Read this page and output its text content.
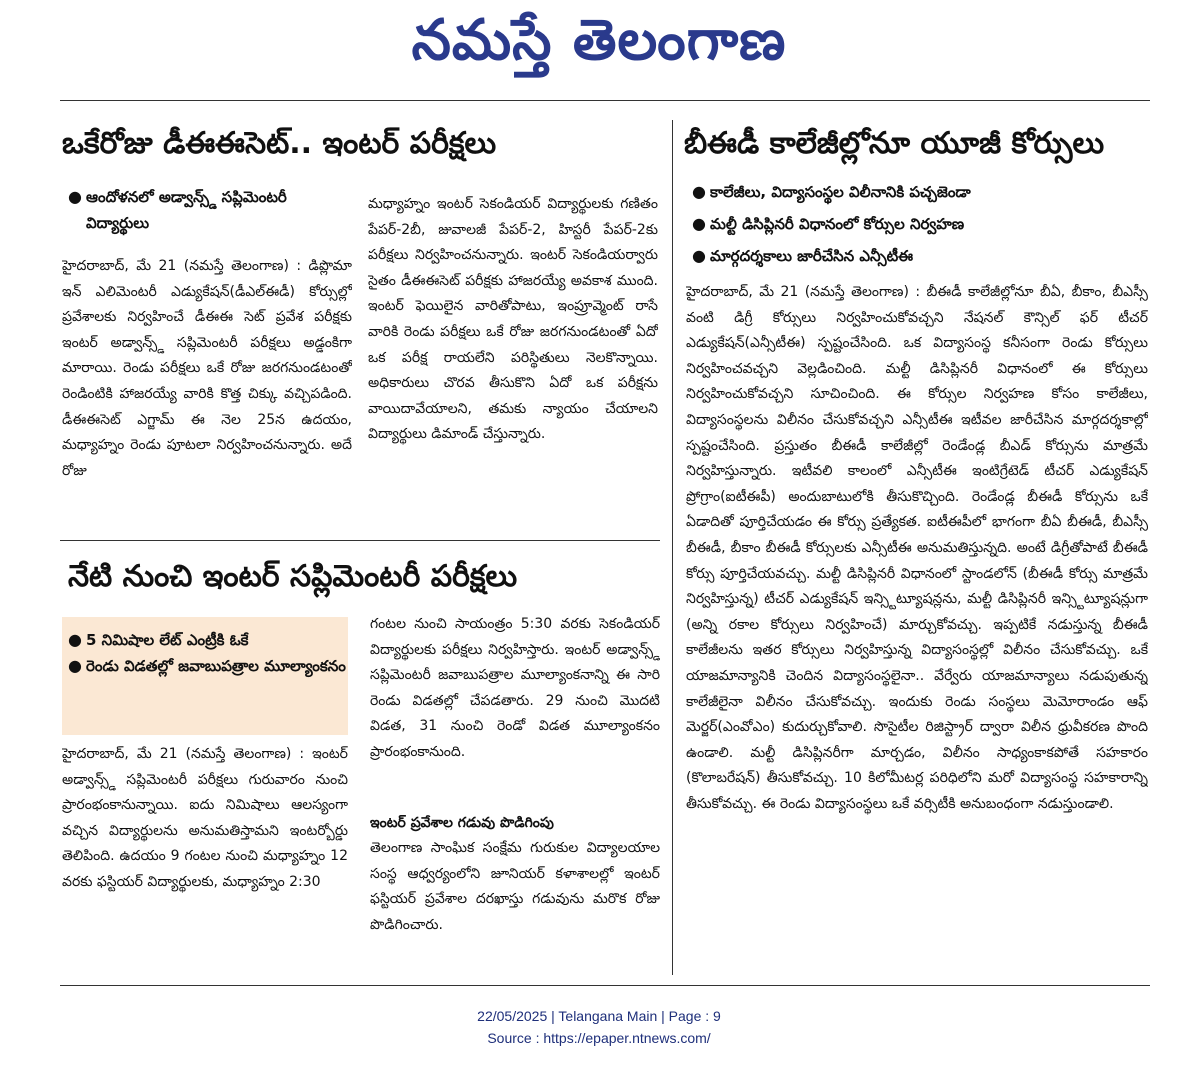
నమస్తే తెలంగాణ
ఒకేరోజు డీఈఈసెట్.. ఇంటర్ పరీక్షలు
● ఆందోళనలో అడ్వాన్స్డ్ సప్లిమెంటరీ విద్యార్థులు

హైదరాబాద్, మే 21 (నమస్తే తెలంగాణ) : డిప్లొమా ఇన్ ఎలిమెంటరీ ఎడ్యుకేషన్(డీఎల్ఈడీ) కోర్సుల్లో ప్రవేశాలకు నిర్వహించే డీఈఈ సెట్ ప్రవేశ పరీక్షకు ఇంటర్ అడ్వాన్స్డ్ సప్లిమెంటరీ పరీక్షలు అడ్డంకిగా మారాయి. రెండు పరీక్షలు ఒకే రోజు జరగనుండటంతో రెండింటికి హాజరయ్యే వారికి కొత్త చిక్కు వచ్చిపడింది. డీఈఈసెట్ ఎగ్జామ్ ఈ నెల 25న ఉదయం, మధ్యాహ్నం రెండు పూటలా నిర్వహించనున్నారు. అదే రోజు

మధ్యాహ్నం ఇంటర్ సెకండియర్ విద్యార్థులకు గణితం పేపర్-2బీ, జువాలజీ పేపర్-2, హిస్టరీ పేపర్-2కు పరీక్షలు నిర్వహించనున్నారు. ఇంటర్ సెకండియర్వారు సైతం డీఈఈసెట్ పరీక్షకు హాజరయ్యే అవకాశ ముంది. ఇంటర్ ఫెయిలైన వారితోపాటు, ఇంప్రూవ్మెంట్ రాసే వారికి రెండు పరీక్షలు ఒకే రోజు జరగనుండటంతో ఏదో ఒక పరీక్ష రాయలేని పరిస్థితులు నెలకొన్నాయి. అధికారులు చొరవ తీసుకొని ఏదో ఒక పరీక్షను వాయిదావేయాలని, తమకు న్యాయం చేయాలని విద్యార్థులు డిమాండ్ చేస్తున్నారు.

నేటి నుంచి ఇంటర్ సప్లిమెంటరీ పరీక్షలు
● 5 నిమిషాల లేట్ ఎంట్రీకి ఓకే
● రెండు విడతల్లో జవాబుపత్రాల మూల్యాంకనం

హైదరాబాద్, మే 21 (నమస్తే తెలంగాణ) : ఇంటర్ అడ్వాన్స్డ్ సప్లిమెంటరీ పరీక్షలు గురువారం నుంచి ప్రారంభంకానున్నాయి. ఐదు నిమిషాలు ఆలస్యంగా వచ్చిన విద్యార్థులను అనుమతిస్తామని ఇంటర్బోర్డు తెలిపింది. ఉదయం 9 గంటల నుంచి మధ్యాహ్నం 12 వరకు ఫస్టియర్ విద్యార్థులకు, మధ్యాహ్నం 2:30

గంటల నుంచి సాయంత్రం 5:30 వరకు సెకండియర్ విద్యార్థులకు పరీక్షలు నిర్వహిస్తారు. ఇంటర్ అడ్వాన్స్డ్ సప్లిమెంటరీ జవాబుపత్రాల మూల్యాంకనాన్ని ఈ సారి రెండు విడతల్లో చేపడతారు. 29 నుంచి మొదటి విడత, 31 నుంచి రెండో విడత మూల్యాంకనం ప్రారంభంకానుంది.

ఇంటర్ ప్రవేశాల గడువు పొడిగింపు

తెలంగాణ సాంఘిక సంక్షేమ గురుకుల విద్యాలయాల సంస్థ ఆధ్వర్యంలోని జూనియర్ కళాశాలల్లో ఇంటర్ ఫస్టియర్ ప్రవేశాల దరఖాస్తు గడువును మరొక రోజు పొడిగించారు.

బీఈడీ కాలేజీల్లోనూ యూజీ కోర్సులు
● కాలేజీలు, విద్యాసంస్థల విలీనానికి పచ్చజెండా
● మల్టీ డిసిప్లినరీ విధానంలో కోర్సుల నిర్వహణ
● మార్గదర్శకాలు జారీచేసిన ఎన్సీటీఈ

హైదరాబాద్, మే 21 (నమస్తే తెలంగాణ) : బీఈడీ కాలేజీల్లోనూ బీఏ, బీకాం, బీఎస్సీ వంటి డిగ్రీ కోర్సులు నిర్వహించుకోవచ్చని నేషనల్ కౌన్సిల్ ఫర్ టీచర్ ఎడ్యుకేషన్(ఎన్సీటీఈ) స్పష్టంచేసింది. ఒక విద్యాసంస్థ కనీసంగా రెండు కోర్సులు నిర్వహించవచ్చని వెల్లడించింది. మల్టీ డిసిప్లినరీ విధానంలో ఈ కోర్సులు నిర్వహించుకోవచ్చని సూచించింది. ఈ కోర్సుల నిర్వహణ కోసం కాలేజీలు, విద్యాసంస్థలను విలీనం చేసుకోవచ్చని ఎన్సీటీఈ ఇటీవల జారీచేసిన మార్గదర్శకాల్లో స్పష్టంచేసింది. ప్రస్తుతం బీఈడీ కాలేజీల్లో రెండేండ్ల బీఎడ్ కోర్సును మాత్రమే నిర్వహిస్తున్నారు. ఇటీవలి కాలంలో ఎన్సీటీఈ ఇంటిగ్రేటెడ్ టీచర్ ఎడ్యుకేషన్ ప్రోగ్రాం(ఐటీఈపీ) అందుబాటులోకి తీసుకొచ్చింది. రెండేండ్ల బీఈడీ కోర్సును ఒకే ఏడాదితో పూర్తిచేయడం ఈ కోర్సు ప్రత్యేకత. ఐటీఈపీలో భాగంగా బీఏ బీఈడీ, బీఎస్సీ బీఈడీ, బీకాం బీఈడీ కోర్సులకు ఎన్సీటీఈ అనుమతిస్తున్నది. అంటే డిగ్రీతోపాటే బీఈడీ కోర్సు పూర్తిచేయవచ్చు. మల్టీ డిసిప్లినరీ విధానంలో స్టాండలోన్ (బీఈడీ కోర్సు మాత్రమే నిర్వహిస్తున్న) టీచర్ ఎడ్యుకేషన్ ఇన్స్టిట్యూషన్లను, మల్టీ డిసిప్లినరీ ఇన్స్టిట్యూషన్లుగా (అన్ని రకాల కోర్సులు నిర్వహించే) మార్చుకోవచ్చు. ఇప్పటికే నడుస్తున్న బీఈడీ కాలేజీలను ఇతర కోర్సులు నిర్వహిస్తున్న విద్యాసంస్థల్లో విలీనం చేసుకోవచ్చు. ఒకే యాజమాన్యానికి చెందిన విద్యాసంస్థలైనా.. వేర్వేరు యాజమాన్యాలు నడుపుతున్న కాలేజీలైనా విలీనం చేసుకోవచ్చు. ఇందుకు రెండు సంస్థలు మెమోరాండం ఆఫ్ మెర్జర్(ఎంవోఎం) కుదుర్చుకోవాలి. సొసైటీల రిజిస్ట్రార్ ద్వారా విలీన ధ్రువీకరణ పొంది ఉండాలి. మల్టీ డిసిప్లినరీగా మార్చడం, విలీనం సాధ్యంకాకపోతే సహకారం (కొలాబరేషన్) తీసుకోవచ్చు. 10 కిలోమీటర్ల పరిధిలోని మరో విద్యాసంస్థ సహకారాన్ని తీసుకోవచ్చు. ఈ రెండు విద్యాసంస్థలు ఒకే వర్సిటీకి అనుబంధంగా నడుస్తుండాలి.

22/05/2025 | Telangana Main | Page : 9
Source : https://epaper.ntnews.com/
